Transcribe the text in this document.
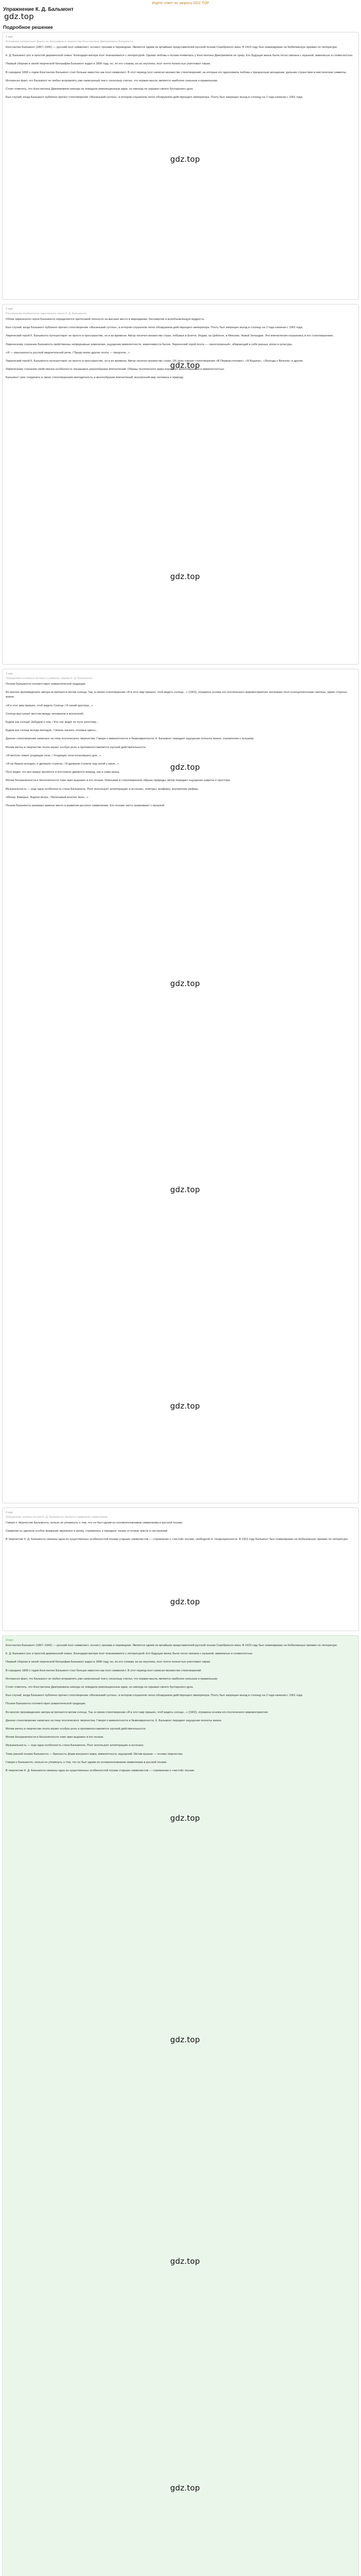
Ищете ответ по запросу GDZ.TOP
Упражнение К. Д. Бальмонт
gdz.top
Подробное решение
1 шаг
Вспомним интересные факты из биографии и творчества Константина Дмитриевича Бальмонта.

Константин Бальмонт (1867–1942) — русский поэт-символист, эссеист, прозаик и переводчик. Является одним из ярчайших представителей русской поэзии Серебряного века. В 1923 году был номинирован на Нобелевскую премию по литературе.

К. Д. Бальмонт рос в простой деревенской семье. Благодаря матери поэт познакомился с литературой. Однако любовь к поэзии появилась у Константина Дмитриевича не сразу. Его будущая жизнь была тесно связана с музыкой, живописью и словесностью.

Первый сборник в своей творческой биографии Бальмонт издал в 1890 году, но, по его словам, из-за неуспеха, поэт почти полностью уничтожил тираж.

В середине 1890 х годов Константин Бальмонт стал больше известен как поэт-символист. В этот период поэт написал множество стихотворений, на которые его вдохновила любовь к прекрасным женщинам, дальние странствия и мистические символы.

Интересен факт, что Бальмонт не любил исправлять уже написанный текст, поскольку считал, что первая мысль является наиболее сильным и правильным.

Стоит отметить, что Константина Дмитриевича никогда не покидали революционные идеи, он никогда не скрывал своего бунтарского духа.

Был случай, когда Бальмонт публично прочел стихотворение «Маленький султан», в котором слушатели легко обнаружили действующего императора. Поэту был запрещен въезд в столицу на 2 года начиная с 1901 года.

2 шаг
Рассмотрим особенности лирического героя К. Д. Бальмонта.

Облик лирического героя Бальмонта определяется претензией личности на высшее место в мироздании, бессмертие и всеобъемлющую мудрость.

Был случай, когда Бальмонт публично прочел стихотворение «Маленький султан», в котором слушатели легко обнаружили действующего императора. Поэту был запрещен въезд в столицу на 2 года начиная с 1901 года.

Лирический герой К. Бальмонта путешествует не просто в пространстве, но и во времени. Автор посетил множество стран, побывал в Египте, Индии, на Цейлоне, в Мексике, Новой Зеландии. Эти впечатления отразились в его стихотворениях.

Лирическому сознанию Бальмонта свойственны непрерывные изменения, ощущение мимолетности, изменчивости бытия. Лирический герой поэта — «многогранный», вбирающий в себя разные эпохи и культуры.

«Я — изысканность русской медлительной речи, / Предо мною другие поэты — предтечи...»

Лирический герой К. Бальмонта путешествует не просто в пространстве, но и во времени. Автор посетил множество стран. Об этом говорят стихотворения «В Первоисточнике», «Я Бодлер», «Легенда о Вечном» и другие.

Лирическому сознанию свойственна особенность показывать разнообразие впечатлений. Образы поэтического мира поражают многообразием и мимолетностью.

Бальмонт смог соединить в своих стихотворениях мелодичность и многообразие впечатлений, внутренний мир человека и природу.

3 шаг
Определим основные мотивы и символы лирики К. Д. Бальмонта.

Поэзия Бальмонта соответствует романтической традиции.

Во многих произведениях автора встречается мотив солнца. Так, в своем стихотворении «Я в этот мир пришел, чтоб видеть солнце...» (1902), отражена основа его поэтического мировосприятия: воспевает поэт-солнцепоклонник светлые, яркие стороны жизни.

«Я в этот мир пришел, чтоб видеть Солнце / И синий кругозор...»

Солнце выступает мостом между человеком и вселенной.

Будем как солнце! Забудем о том, / Кто нас ведет по пути золотому...

Будем как солнце всегда молодое, / Нежно ласкать огневые цветы...

Данное стихотворение написано на тему поэтического творчества. Говоря о мимолетности и безвозвратности, К. Бальмонт передает ощущение полноты жизни, стремление к лучшему.

Мотив мечты в творчестве поэта играет особую роль и противопоставляется скучной действительности.

«Я мечтою ловил уходящие тени, / Уходящие тени погасавшего дня...»

«Я на башню всходил, и дрожали ступени, / И дрожали ступени под ногой у меня...»

Поэт видит, что все вокруг меняется и постоянно движется вперед, как и сама жизнь.

Мотив безграничности и бесконечности тоже ярко выражен в его поэзии. Описывая в стихотворениях образы природы, автор передает ощущение широты и простора.

Музыкальность — еще одна особенность стиха Бальмонта. Поэт использует аллитерацию и ассонанс, повторы, анафоры, внутренние рифмы.

«Вечер. Взморье. Вздохи ветра. / Величавый возглас волн...»

Поэзия Бальмонта занимает важное место в развитии русского символизма. Его поэзию часто сравнивают с музыкой.

4 шаг
Определим, почему поэзия К. Д. Бальмонта является примером символизма.

Говоря о творчестве Бальмонта, нельзя не упомянуть о том, что он был одним из основоположников символизма в русской поэзии.

Символисты уделяли особое внимание звукописи и ритму, стремились к передаче тонких оттенков чувств и настроений.

В творчестве К. Д. Бальмонта связаны одна из существенных особенностей поэзии старших символистов — стремление к «чистой» поэзии, свободной от тенденциозности. В 1923 году Бальмонт был номинирован на Нобелевскую премию по литературе.

Ответ

Константин Бальмонт (1867–1942) — русский поэт-символист, эссеист, прозаик и переводчик. Является одним из ярчайших представителей русской поэзии Серебряного века. В 1923 году был номинирован на Нобелевскую премию по литературе.

К. Д. Бальмонт рос в простой деревенской семье. Благодаря матери поэт познакомился с литературой. Его будущая жизнь была тесно связана с музыкой, живописью и словесностью.

Первый сборник в своей творческой биографии Бальмонт издал в 1890 году, но, по его словам, из-за неуспеха, поэт почти полностью уничтожил тираж.

В середине 1890 х годов Константин Бальмонт стал больше известен как поэт-символист. В этот период поэт написал множество стихотворений.

Интересен факт, что Бальмонт не любил исправлять уже написанный текст, поскольку считал, что первая мысль является наиболее сильным и правильным.

Стоит отметить, что Константина Дмитриевича никогда не покидали революционные идеи, он никогда не скрывал своего бунтарского духа.

Был случай, когда Бальмонт публично прочел стихотворение «Маленький султан», в котором слушатели легко обнаружили действующего императора. Поэту был запрещен въезд в столицу на 2 года начиная с 1901 года.

Поэзия Бальмонта соответствует романтической традиции.

Во многих произведениях автора встречается мотив солнца. Так, в своем стихотворении «Я в этот мир пришел, чтоб видеть солнце...» (1902), отражена основа его поэтического мировосприятия.

Данное стихотворение написано на тему поэтического творчества. Говоря о мимолетности и безвозвратности, К. Бальмонт передает ощущение полноты жизни.

Мотив мечты в творчестве поэта играет особую роль и противопоставляется скучной действительности.

Мотив безграничности и бесконечности тоже ярко выражен в его поэзии.

Музыкальность — еще одна особенность стиха Бальмонта. Поэт использует аллитерацию и ассонанс.

Тема ранней поэзии Бальмонта — бренность форм внешнего мира, мимолетность ощущений. Мотив музыки — основа творчества.

Говоря о Бальмонте, нельзя не упомянуть о том, что он был одним из основоположников символизма в русской поэзии.

В творчестве К. Д. Бальмонта связаны одна из существенных особенностей поэзии старших символистов — стремление к «чистой» поэзии.

gdz.top
gdz.top
gdz.top
gdz.top
gdz.top
gdz.top
gdz.top
gdz.top
gdz.top
gdz.top
gdz.top
gdz.top
